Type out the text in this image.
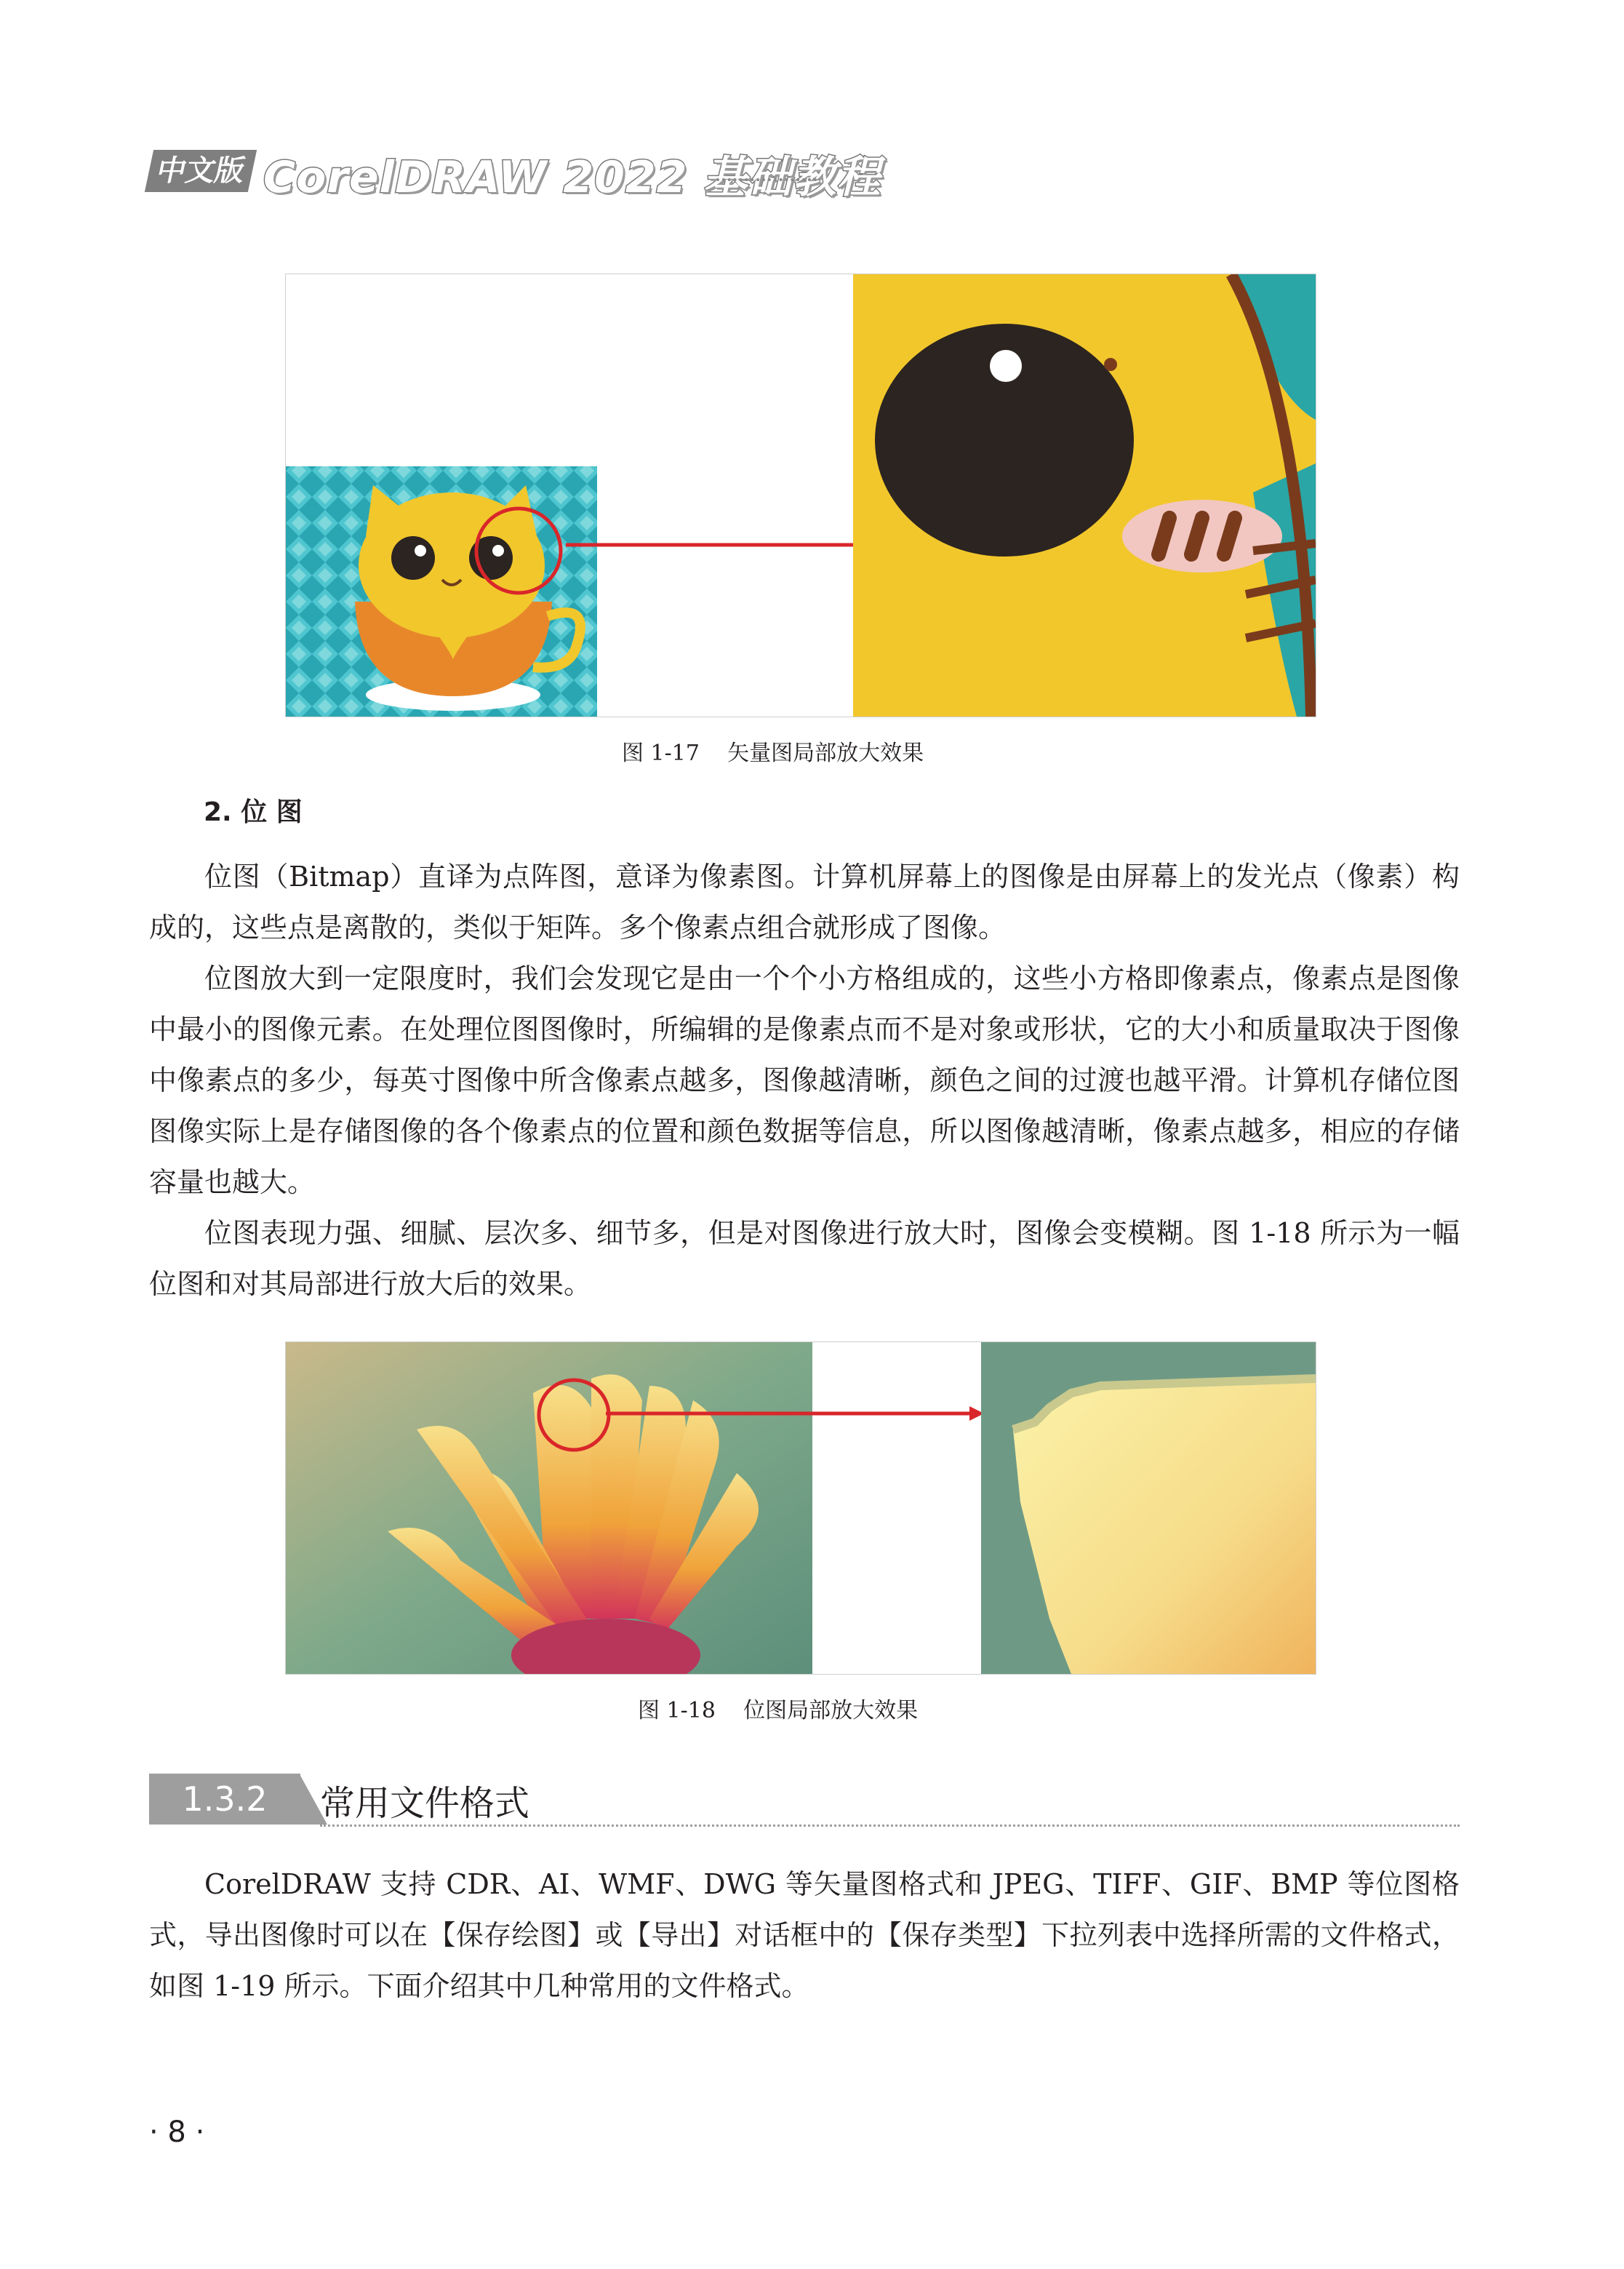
中文版 CorelDRAW 2022 基础教程
图 1-17    矢量图局部放大效果
2. 位 图
位图（Bitmap）直译为点阵图，意译为像素图。计算机屏幕上的图像是由屏幕上的发光点（像素）构成的，这些点是离散的，类似于矩阵。多个像素点组合就形成了图像。
位图放大到一定限度时，我们会发现它是由一个个小方格组成的，这些小方格即像素点，像素点是图像中最小的图像元素。在处理位图图像时，所编辑的是像素点而不是对象或形状，它的大小和质量取决于图像中像素点的多少，每英寸图像中所含像素点越多，图像越清晰，颜色之间的过渡也越平滑。计算机存储位图图像实际上是存储图像的各个像素点的位置和颜色数据等信息，所以图像越清晰，像素点越多，相应的存储容量也越大。
位图表现力强、细腻、层次多、细节多，但是对图像进行放大时，图像会变模糊。图 1-18 所示为一幅位图和对其局部进行放大后的效果。
图 1-18    位图局部放大效果
1.3.2	常用文件格式
CorelDRAW 支持 CDR、AI、WMF、DWG 等矢量图格式和 JPEG、TIFF、GIF、BMP 等位图格式，导出图像时可以在【保存绘图】或【导出】对话框中的【保存类型】下拉列表中选择所需的文件格式，如图 1-19 所示。下面介绍其中几种常用的文件格式。
· 8 ·
